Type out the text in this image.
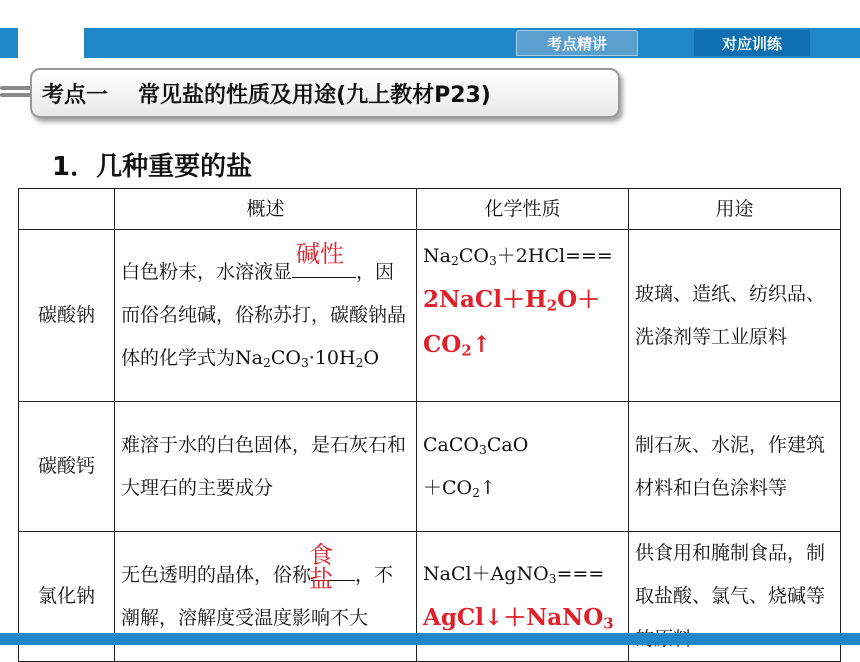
考点精讲	对应训练
考点一 常见盐的性质及用途(九上教材P23)
1．几种重要的盐
	概述	化学性质	用途
碳酸钠	白色粉末，水溶液显
碱性
，因而俗名纯碱，俗称苏打，碳酸钠晶体的化学式为$Na_2CO_3\cdot 10H_2O$	$Na_2CO_3+2HCl===$
$2NaCl+H_2O+$
$CO_2↑$	玻璃、造纸、纺织品、洗涤剂等工业原料
碳酸钙	难溶于水的白色固体，是石灰石和大理石的主要成分	CaCO$_3$CaO
$+CO_2↑$	制石灰、水泥，作建筑材料和白色涂料等
氯化钠	无色透明的晶体，俗称
食盐 ，不潮解，溶解度受温度影响不大	NaCl＋AgNO$_3$===
AgCl↓＋NaNO$_3$	供食用和腌制食品，制取盐酸、氯气、烧碱等
